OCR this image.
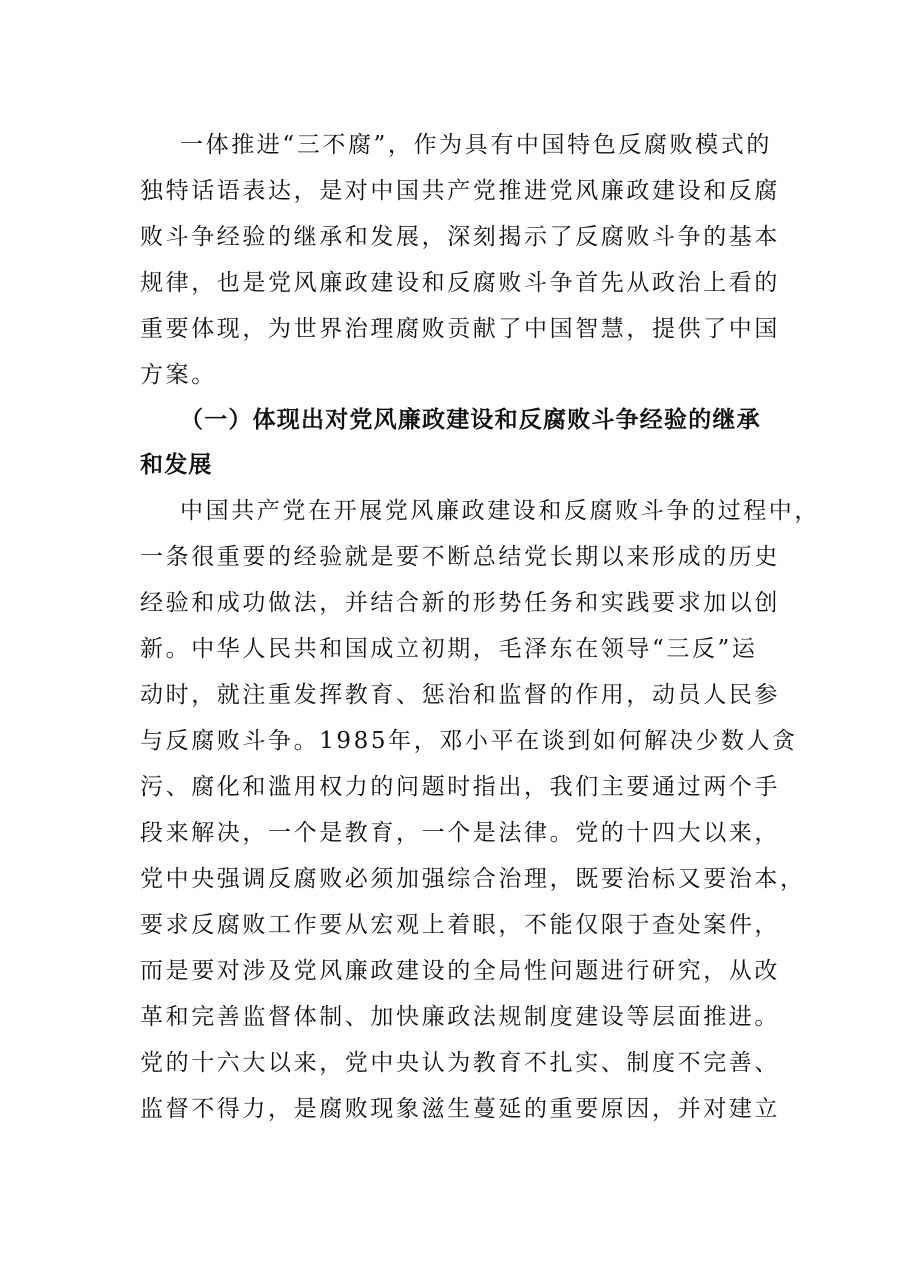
一体推进“三不腐”，作为具有中国特色反腐败模式的
独特话语表达，是对中国共产党推进党风廉政建设和反腐
败斗争经验的继承和发展，深刻揭示了反腐败斗争的基本
规律，也是党风廉政建设和反腐败斗争首先从政治上看的
重要体现，为世界治理腐败贡献了中国智慧，提供了中国
方案。
（一）体现出对党风廉政建设和反腐败斗争经验的继承
和发展
中国共产党在开展党风廉政建设和反腐败斗争的过程中，
一条很重要的经验就是要不断总结党长期以来形成的历史
经验和成功做法，并结合新的形势任务和实践要求加以创
新。中华人民共和国成立初期，毛泽东在领导“三反”运
动时，就注重发挥教育、惩治和监督的作用，动员人民参
与反腐败斗争。1985年，邓小平在谈到如何解决少数人贪
污、腐化和滥用权力的问题时指出，我们主要通过两个手
段来解决，一个是教育，一个是法律。党的十四大以来，
党中央强调反腐败必须加强综合治理，既要治标又要治本，
要求反腐败工作要从宏观上着眼，不能仅限于查处案件，
而是要对涉及党风廉政建设的全局性问题进行研究，从改
革和完善监督体制、加快廉政法规制度建设等层面推进。
党的十六大以来，党中央认为教育不扎实、制度不完善、
监督不得力，是腐败现象滋生蔓延的重要原因，并对建立
